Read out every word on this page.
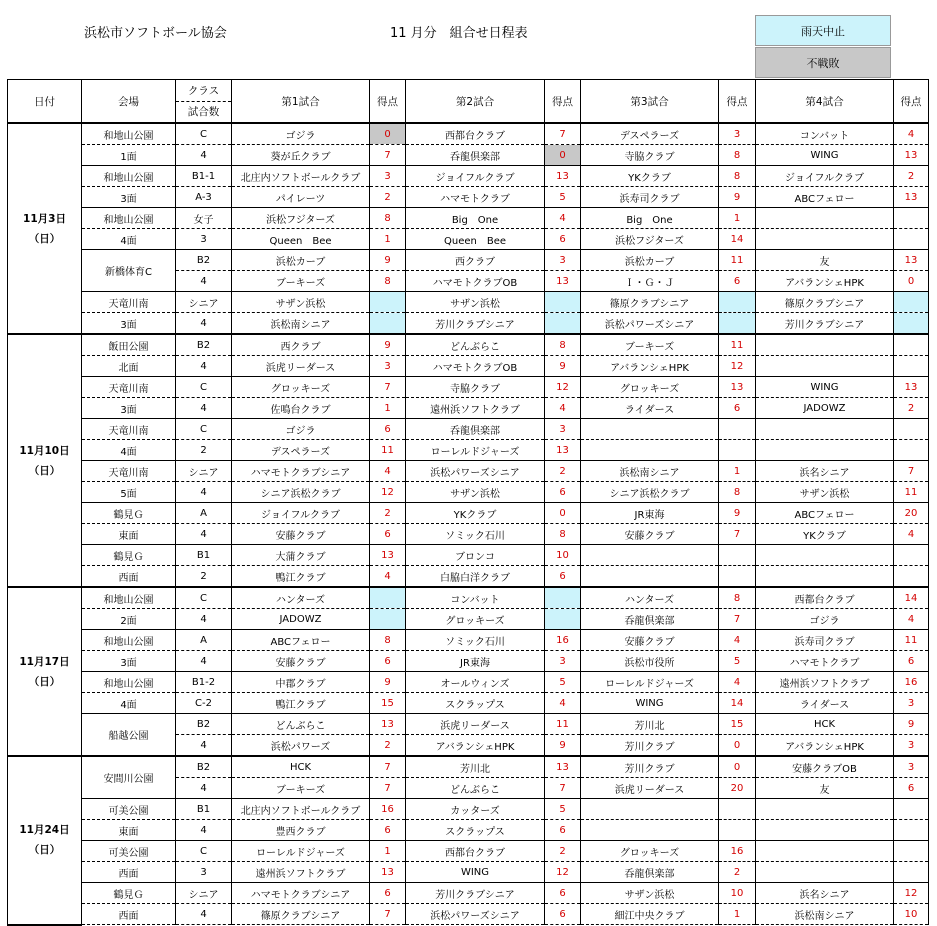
浜松市ソフトボール協会	11 月分　組合せ日程表	雨天中止
不戦敗
日付	会場	クラス
試合数	第1試合	得点	第2試合	得点	第3試合	得点	第4試合	得点

11月3日
（日）	和地山公園	C	ゴジラ	0	西都台クラブ	7	デスペラーズ	3	コンバット	4
	1面	4	葵が丘クラブ	7	呑龍倶楽部	0	寺脇クラブ	8	WING	13
	和地山公園	B1-1	北庄内ソフトボールクラブ	3	ジョイフルクラブ	13	YKクラブ	8	ジョイフルクラブ	2
	3面	A-3	パイレーツ	2	ハマモトクラブ	5	浜寿司クラブ	9	ABCフェロー	13
	和地山公園	女子	浜松フジターズ	8	Big　One	4	Big　One	1		
	4面	3	Queen　Bee	1	Queen　Bee	6	浜松フジターズ	14		
	新橋体育C	B2	浜松カーブ	9	西クラブ	3	浜松カーブ	11	友	13
		4	ブーキーズ	8	ハマモトクラブOB	13	Ｉ・Ｇ・Ｊ	6	アバランシェHPK	0
	天竜川南	シニア	サザン浜松		サザン浜松		篠原クラブシニア		篠原クラブシニア	
	3面	4	浜松南シニア		芳川クラブシニア		浜松パワーズシニア		芳川クラブシニア	

11月10日
（日）	飯田公園	B2	西クラブ	9	どんぶらこ	8	ブーキーズ	11		
	北面	4	浜虎リーダース	3	ハマモトクラブOB	9	アバランシェHPK	12		
	天竜川南	C	グロッキーズ	7	寺脇クラブ	12	グロッキーズ	13	WING	13
	3面	4	佐鳴台クラブ	1	遠州浜ソフトクラブ	4	ライダース	6	JADOWZ	2
	天竜川南	C	ゴジラ	6	呑龍倶楽部	3				
	4面	2	デスペラーズ	11	ローレルドジャーズ	13				
	天竜川南	シニア	ハマモトクラブシニア	4	浜松パワーズシニア	2	浜松南シニア	1	浜名シニア	7
	5面	4	シニア浜松クラブ	12	サザン浜松	6	シニア浜松クラブ	8	サザン浜松	11
	鶴見Ｇ	A	ジョイフルクラブ	2	YKクラブ	0	JR東海	9	ABCフェロー	20
	東面	4	安藤クラブ	6	ソミック石川	8	安藤クラブ	7	YKクラブ	4
	鶴見Ｇ	B1	大蒲クラブ	13	ブロンコ	10				
	西面	2	鴨江クラブ	4	白脇白洋クラブ	6				

11月17日
（日）	和地山公園	C	ハンターズ		コンバット		ハンターズ	8	西都台クラブ	14
	2面	4	JADOWZ		グロッキーズ		呑龍倶楽部	7	ゴジラ	4
	和地山公園	A	ABCフェロー	8	ソミック石川	16	安藤クラブ	4	浜寿司クラブ	11
	3面	4	安藤クラブ	6	JR東海	3	浜松市役所	5	ハマモトクラブ	6
	和地山公園	B1-2	中郡クラブ	9	オールウィンズ	5	ローレルドジャーズ	4	遠州浜ソフトクラブ	16
	4面	C-2	鴨江クラブ	15	スクラップス	4	WING	14	ライダース	3
	船越公園	B2	どんぶらこ	13	浜虎リーダース	11	芳川北	15	HCK	9
		4	浜松パワーズ	2	アバランシェHPK	9	芳川クラブ	0	アバランシェHPK	3

11月24日
（日）	安間川公園	B2	HCK	7	芳川北	13	芳川クラブ	0	安藤クラブOB	3
		4	ブーキーズ	7	どんぶらこ	7	浜虎リーダース	20	友	6
	可美公園	B1	北庄内ソフトボールクラブ	16	カッターズ	5				
	東面	4	豊西クラブ	6	スクラップス	6				
	可美公園	C	ローレルドジャーズ	1	西都台クラブ	2	グロッキーズ	16		
	西面	3	遠州浜ソフトクラブ	13	WING	12	呑龍倶楽部	2		
	鶴見Ｇ	シニア	ハマモトクラブシニア	6	芳川クラブシニア	6	サザン浜松	10	浜名シニア	12
	西面	4	篠原クラブシニア	7	浜松パワーズシニア	6	細江中央クラブ	1	浜松南シニア	10
